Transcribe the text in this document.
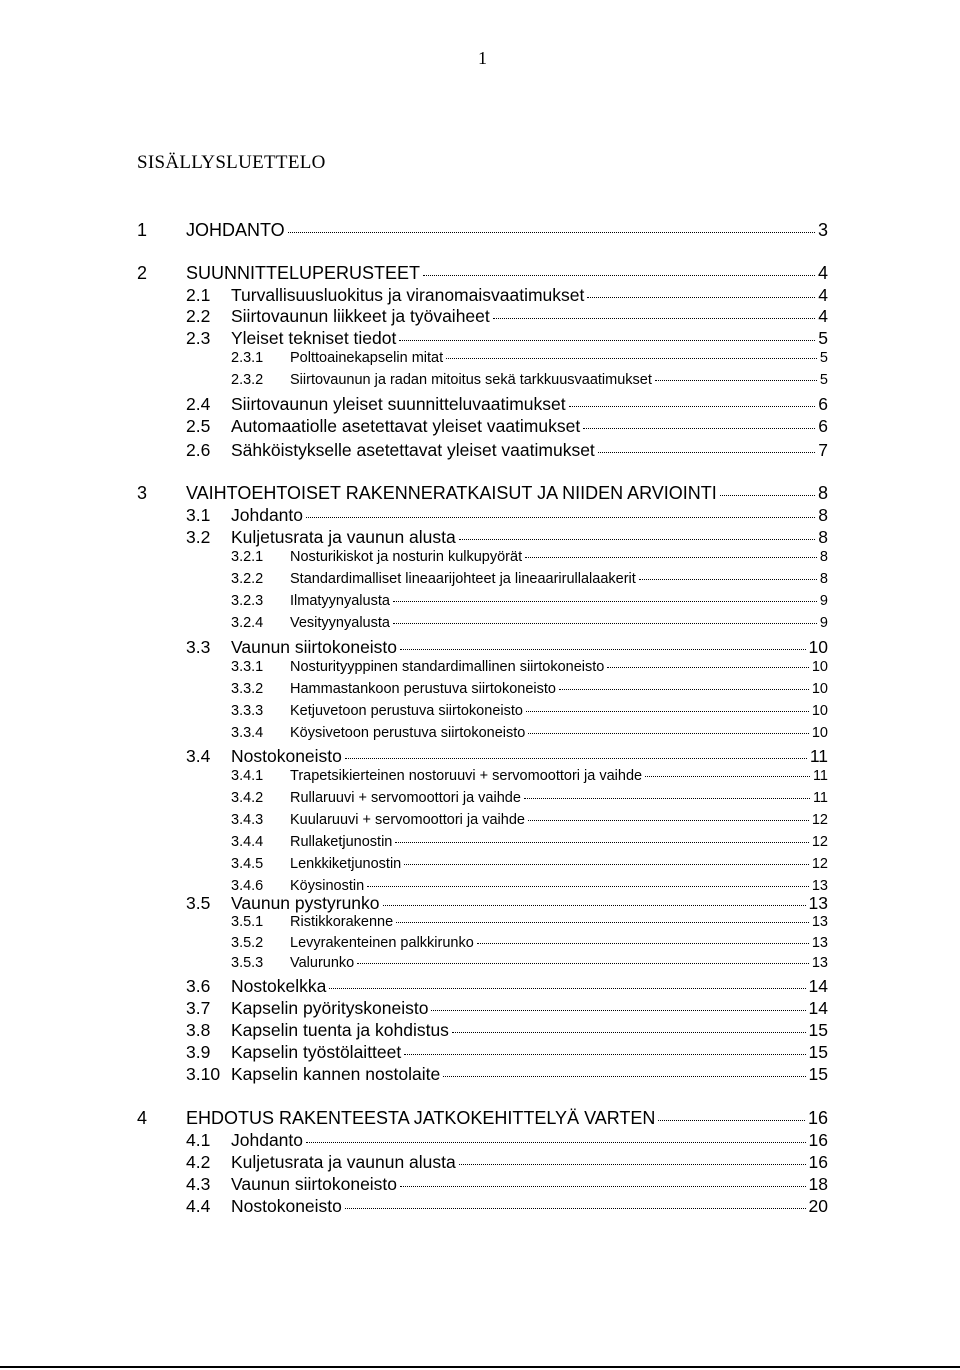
1
SISÄLLYSLUETTELO
1	JOHDANTO	3
2	SUUNNITTELUPERUSTEET	4
2.1	Turvallisuusluokitus ja viranomaisvaatimukset	4
2.2	Siirtovaunun liikkeet ja työvaiheet	4
2.3	Yleiset tekniset tiedot	5
2.3.1	Polttoainekapselin mitat	5
2.3.2	Siirtovaunun ja radan mitoitus sekä tarkkuusvaatimukset	5
2.4	Siirtovaunun yleiset suunnitteluvaatimukset	6
2.5	Automaatiolle asetettavat yleiset vaatimukset	6
2.6	Sähköistykselle asetettavat yleiset vaatimukset	7
3	VAIHTOEHTOISET RAKENNERATKAISUT JA NIIDEN ARVIOINTI	8
3.1	Johdanto	8
3.2	Kuljetusrata ja vaunun alusta	8
3.2.1	Nosturikiskot ja nosturin kulkupyörät	8
3.2.2	Standardimalliset lineaarijohteet ja lineaarirullalaakerit	8
3.2.3	Ilmatyynyalusta	9
3.2.4	Vesityynyalusta	9
3.3	Vaunun siirtokoneisto	10
3.3.1	Nosturityyppinen standardimallinen siirtokoneisto	10
3.3.2	Hammastankoon perustuva siirtokoneisto	10
3.3.3	Ketjuvetoon perustuva siirtokoneisto	10
3.3.4	Köysivetoon perustuva siirtokoneisto	10
3.4	Nostokoneisto	11
3.4.1	Trapetsikierteinen nostoruuvi + servomoottori ja vaihde	11
3.4.2	Rullaruuvi + servomoottori ja vaihde	11
3.4.3	Kuularuuvi + servomoottori ja vaihde	12
3.4.4	Rullaketjunostin	12
3.4.5	Lenkkiketjunostin	12
3.4.6	Köysinostin	13
3.5	Vaunun pystyrunko	13
3.5.1	Ristikkorakenne	13
3.5.2	Levyrakenteinen palkkirunko	13
3.5.3	Valurunko	13
3.6	Nostokelkka	14
3.7	Kapselin pyörityskoneisto	14
3.8	Kapselin tuenta ja kohdistus	15
3.9	Kapselin työstölaitteet	15
3.10 Kapselin kannen nostolaite	15
4	EHDOTUS RAKENTEESTA JATKOKEHITTELYÄ VARTEN	16
4.1	Johdanto	16
4.2	Kuljetusrata ja vaunun alusta	16
4.3	Vaunun siirtokoneisto	18
4.4	Nostokoneisto	20
